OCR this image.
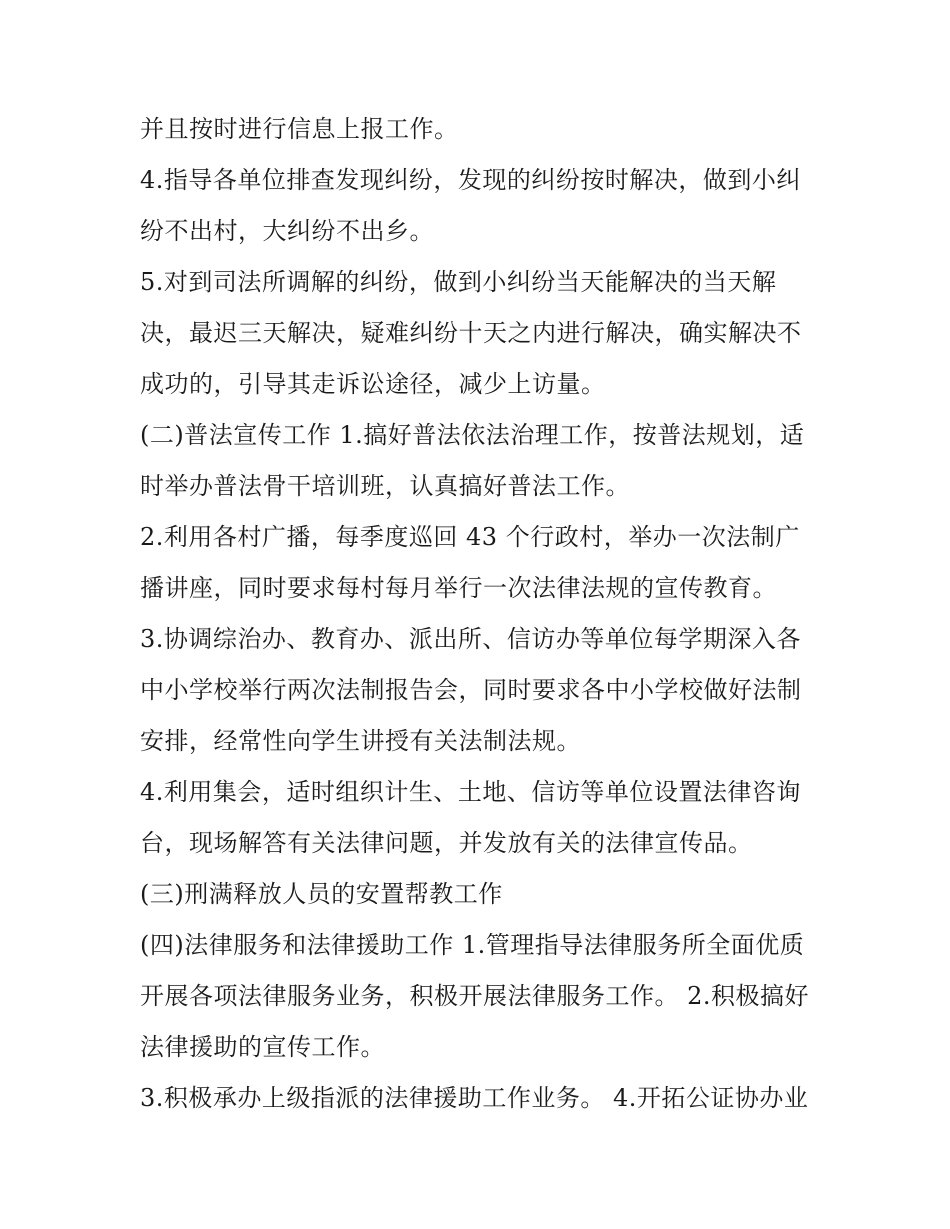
并且按时进行信息上报工作。
4.指导各单位排查发现纠纷，发现的纠纷按时解决，做到小纠
纷不出村，大纠纷不出乡。
5.对到司法所调解的纠纷，做到小纠纷当天能解决的当天解
决，最迟三天解决，疑难纠纷十天之内进行解决，确实解决不
成功的，引导其走诉讼途径，减少上访量。
(二)普法宣传工作 1.搞好普法依法治理工作，按普法规划，适
时举办普法骨干培训班，认真搞好普法工作。
2.利用各村广播，每季度巡回 43 个行政村，举办一次法制广
播讲座，同时要求每村每月举行一次法律法规的宣传教育。
3.协调综治办、教育办、派出所、信访办等单位每学期深入各
中小学校举行两次法制报告会，同时要求各中小学校做好法制
安排，经常性向学生讲授有关法制法规。
4.利用集会，适时组织计生、土地、信访等单位设置法律咨询
台，现场解答有关法律问题，并发放有关的法律宣传品。
(三)刑满释放人员的安置帮教工作
(四)法律服务和法律援助工作 1.管理指导法律服务所全面优质
开展各项法律服务业务，积极开展法律服务工作。 2.积极搞好
法律援助的宣传工作。
3.积极承办上级指派的法律援助工作业务。 4.开拓公证协办业
